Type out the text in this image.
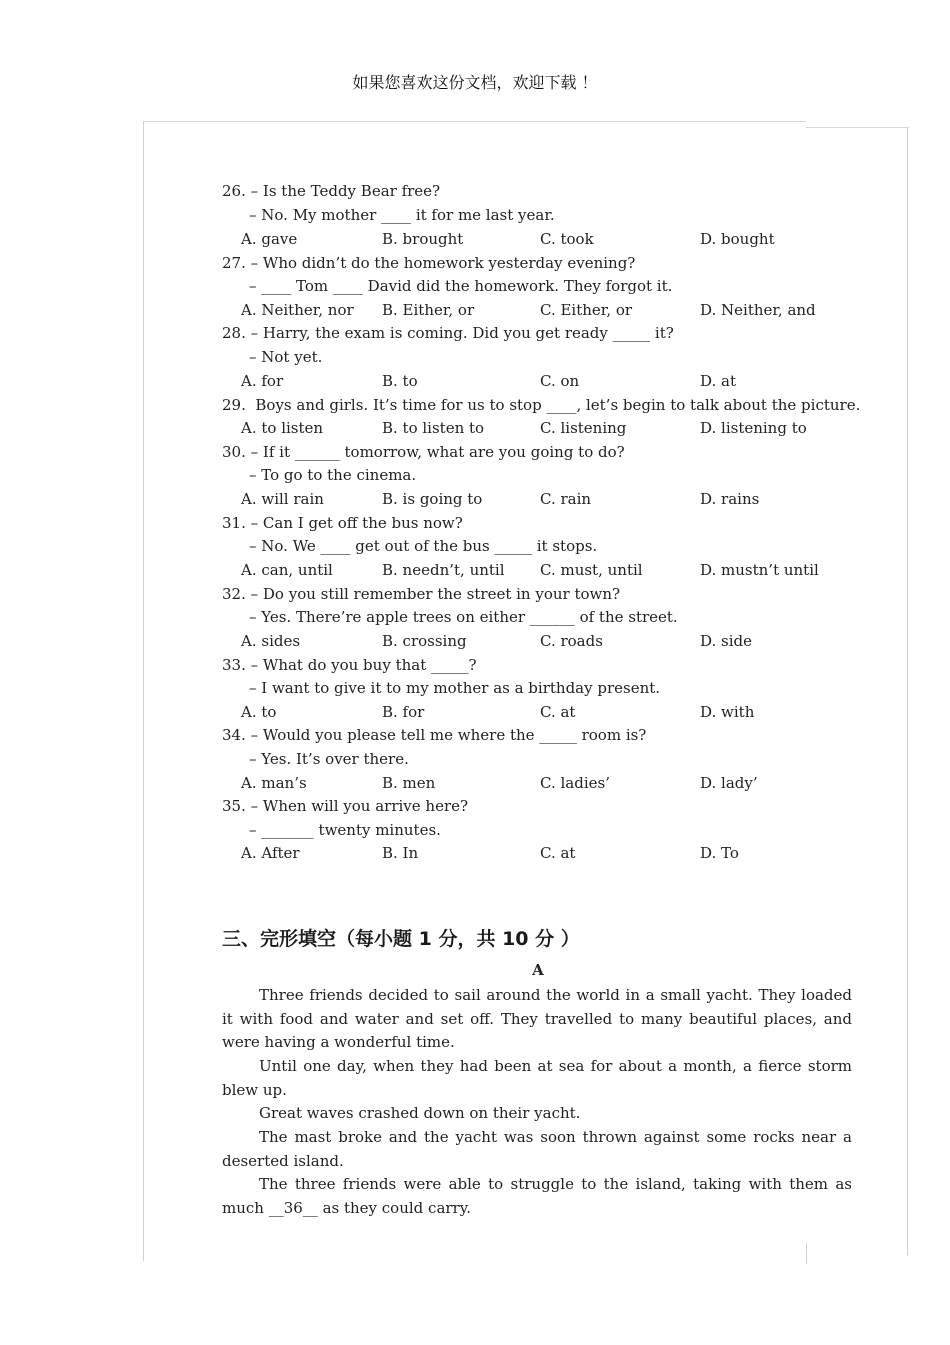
如果您喜欢这份文档，欢迎下载 ！
26. – Is the Teddy Bear free?
– No. My mother ____ it for me last year.
A. gave	B. brought	C. took	D. bought
27. – Who didn’t do the homework yesterday evening?
– ____ Tom ____ David did the homework. They forgot it.
A. Neither, nor B. Either, or	C. Either, or	D. Neither, and
28. – Harry, the exam is coming. Did you get ready _____ it?
– Not yet.
A. for	B. to	C. on	D. at
29.  Boys and girls. It’s time for us to stop ____, let’s begin to talk about the picture.
A. to listen	B. to listen to	C. listening	D. listening to
30. – If it ______ tomorrow, what are you going to do?
– To go to the cinema.
A. will rain	B. is going to	C. rain	D. rains
31. – Can I get off the bus now?
– No. We ____ get out of the bus _____ it stops.
A. can, until	B. needn’t, until C. must, until	D. mustn’t until
32. – Do you still remember the street in your town?
– Yes. There’re apple trees on either ______ of the street.
A. sides	B. crossing	C. roads	D. side
33. – What do you buy that _____?
– I want to give it to my mother as a birthday present.
A. to	B. for	C. at	D. with
34. – Would you please tell me where the _____ room is?
– Yes. It’s over there.
A. man’s	B. men	C. ladies’	D. lady’
35. – When will you arrive here?
– _______ twenty minutes.
A. After	B. In	C. at	D. To
三、完形填空（每小题 1 分，共 10 分 ）
A
Three friends decided to sail around the world in a small yacht. They loaded it with food and water and set off. They travelled to many beautiful places, and were having a wonderful time.
Until one day, when they had been at sea for about a month, a fierce storm blew up.
Great waves crashed down on their yacht.
The mast broke and the yacht was soon thrown against some rocks near a deserted island.
The three friends were able to struggle to the island, taking with them as much __36__ as they could carry.
